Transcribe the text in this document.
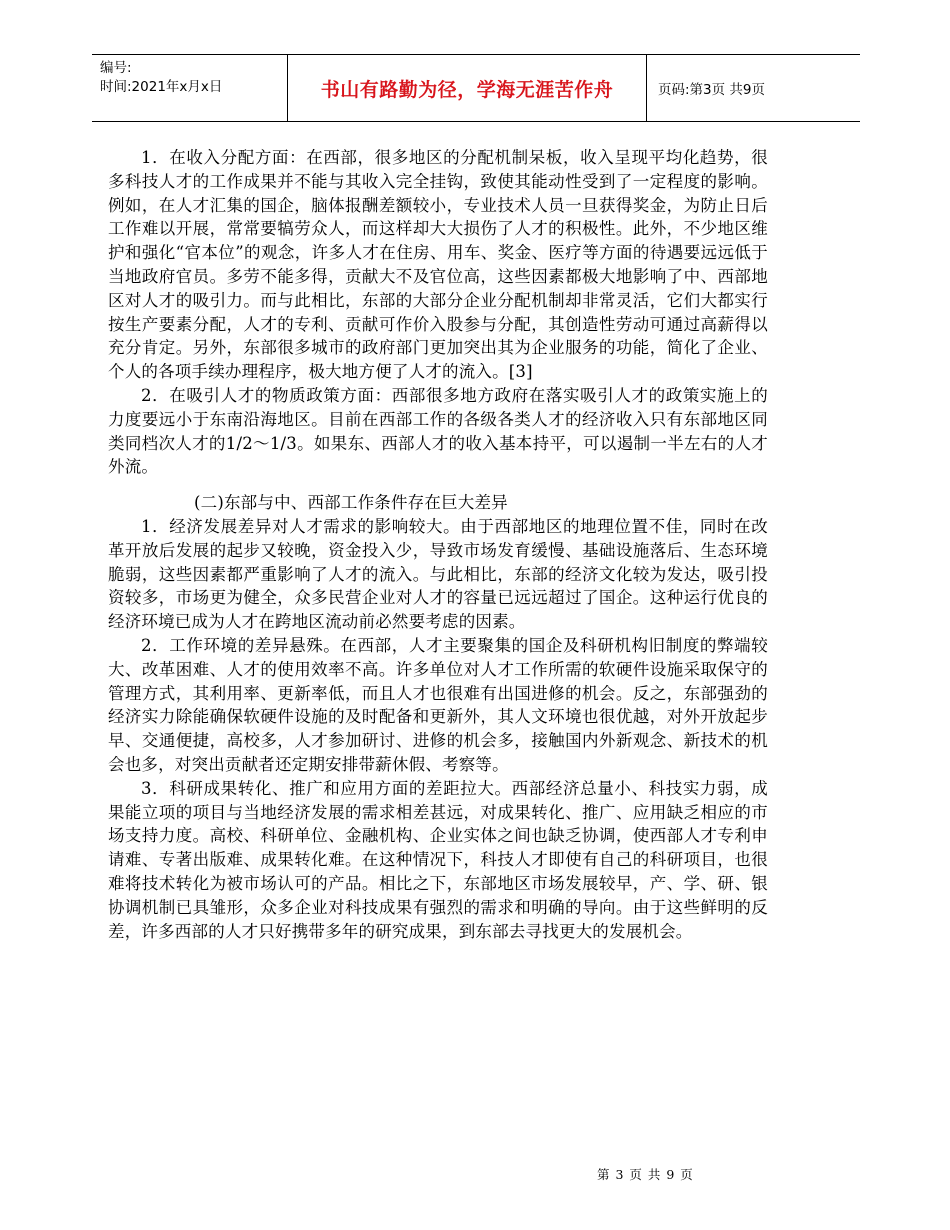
编号:
时间:2021年x月x日	书山有路勤为径，学海无涯苦作舟	页码:第3页 共9页

1．在收入分配方面：在西部，很多地区的分配机制呆板，收入呈现平均化趋势，很多科技人才的工作成果并不能与其收入完全挂钩，致使其能动性受到了一定程度的影响。例如，在人才汇集的国企，脑体报酬差额较小，专业技术人员一旦获得奖金，为防止日后工作难以开展，常常要犒劳众人，而这样却大大损伤了人才的积极性。此外，不少地区维护和强化“官本位”的观念，许多人才在住房、用车、奖金、医疗等方面的待遇要远远低于当地政府官员。多劳不能多得，贡献大不及官位高，这些因素都极大地影响了中、西部地区对人才的吸引力。而与此相比，东部的大部分企业分配机制却非常灵活，它们大都实行按生产要素分配，人才的专利、贡献可作价入股参与分配，其创造性劳动可通过高薪得以充分肯定。另外，东部很多城市的政府部门更加突出其为企业服务的功能，简化了企业、个人的各项手续办理程序，极大地方便了人才的流入。[3]

2．在吸引人才的物质政策方面：西部很多地方政府在落实吸引人才的政策实施上的力度要远小于东南沿海地区。目前在西部工作的各级各类人才的经济收入只有东部地区同类同档次人才的1/2～1/3。如果东、西部人才的收入基本持平，可以遏制一半左右的人才外流。

(二)东部与中、西部工作条件存在巨大差异

1．经济发展差异对人才需求的影响较大。由于西部地区的地理位置不佳，同时在改革开放后发展的起步又较晚，资金投入少，导致市场发育缓慢、基础设施落后、生态环境脆弱，这些因素都严重影响了人才的流入。与此相比，东部的经济文化较为发达，吸引投资较多，市场更为健全，众多民营企业对人才的容量已远远超过了国企。这种运行优良的经济环境已成为人才在跨地区流动前必然要考虑的因素。

2．工作环境的差异悬殊。在西部，人才主要聚集的国企及科研机构旧制度的弊端较大、改革困难、人才的使用效率不高。许多单位对人才工作所需的软硬件设施采取保守的管理方式，其利用率、更新率低，而且人才也很难有出国进修的机会。反之，东部强劲的经济实力除能确保软硬件设施的及时配备和更新外，其人文环境也很优越，对外开放起步早、交通便捷，高校多，人才参加研讨、进修的机会多，接触国内外新观念、新技术的机会也多，对突出贡献者还定期安排带薪休假、考察等。

3．科研成果转化、推广和应用方面的差距拉大。西部经济总量小、科技实力弱，成果能立项的项目与当地经济发展的需求相差甚远，对成果转化、推广、应用缺乏相应的市场支持力度。高校、科研单位、金融机构、企业实体之间也缺乏协调，使西部人才专利申请难、专著出版难、成果转化难。在这种情况下，科技人才即使有自己的科研项目，也很难将技术转化为被市场认可的产品。相比之下，东部地区市场发展较早，产、学、研、银协调机制已具雏形，众多企业对科技成果有强烈的需求和明确的导向。由于这些鲜明的反差，许多西部的人才只好携带多年的研究成果，到东部去寻找更大的发展机会。

第 3 页 共 9 页
